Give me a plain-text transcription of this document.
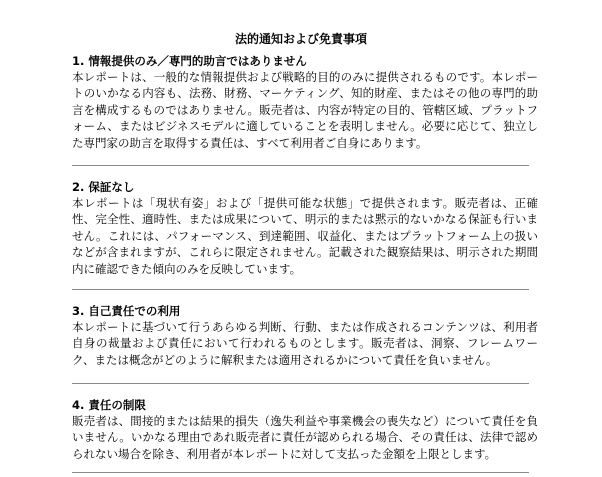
法的通知および免責事項

1. 情報提供のみ／専門的助言ではありません

本レポートは、一般的な情報提供および戦略的目的のみに提供されるものです。本レポートのいかなる内容も、法務、財務、マーケティング、知的財産、またはその他の専門的助言を構成するものではありません。販売者は、内容が特定の目的、管轄区域、プラットフォーム、またはビジネスモデルに適していることを表明しません。必要に応じて、独立した専門家の助言を取得する責任は、すべて利用者ご自身にあります。

2. 保証なし

本レポートは「現状有姿」および「提供可能な状態」で提供されます。販売者は、正確性、完全性、適時性、または成果について、明示的または黙示的ないかなる保証も行いません。これには、パフォーマンス、到達範囲、収益化、またはプラットフォーム上の扱いなどが含まれますが、これらに限定されません。記載された観察結果は、明示された期間内に確認できた傾向のみを反映しています。

3. 自己責任での利用

本レポートに基づいて行うあらゆる判断、行動、または作成されるコンテンツは、利用者自身の裁量および責任において行われるものとします。販売者は、洞察、フレームワーク、または概念がどのように解釈または適用されるかについて責任を負いません。

4. 責任の制限

販売者は、間接的または結果的損失（逸失利益や事業機会の喪失など）について責任を負いません。いかなる理由であれ販売者に責任が認められる場合、その責任は、法律で認められない場合を除き、利用者が本レポートに対して支払った金額を上限とします。
